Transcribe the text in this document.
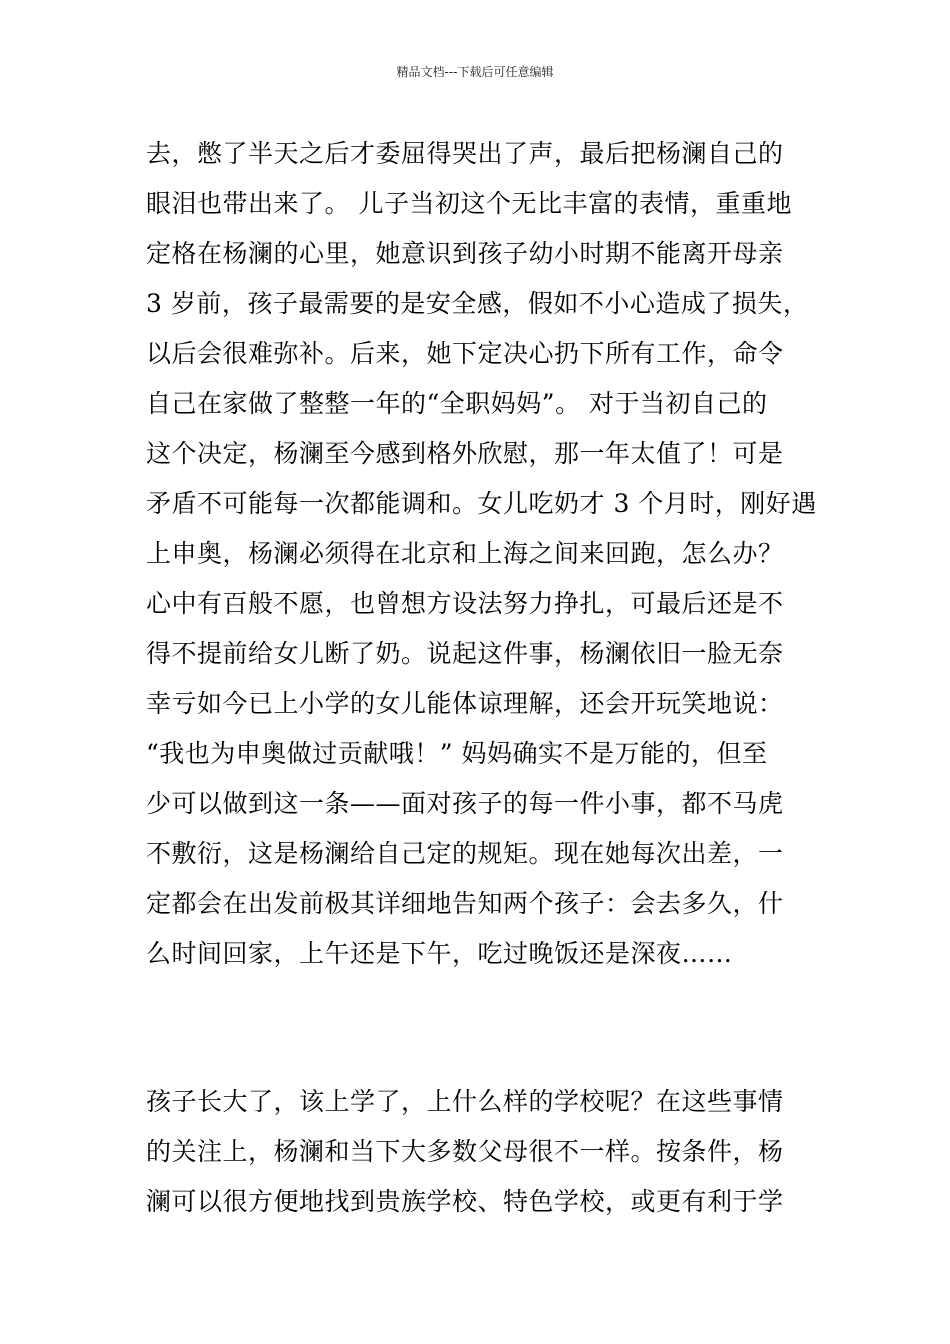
精品文档---下载后可任意编辑
去，憋了半天之后才委屈得哭出了声，最后把杨澜自己的
眼泪也带出来了。 儿子当初这个无比丰富的表情，重重地
定格在杨澜的心里，她意识到孩子幼小时期不能离开母亲
3 岁前，孩子最需要的是安全感，假如不小心造成了损失，
以后会很难弥补。后来，她下定决心扔下所有工作，命令
自己在家做了整整一年的“全职妈妈”。 对于当初自己的
这个决定，杨澜至今感到格外欣慰，那一年太值了！可是
矛盾不可能每一次都能调和。女儿吃奶才 3 个月时，刚好遇
上申奥，杨澜必须得在北京和上海之间来回跑，怎么办？
心中有百般不愿，也曾想方设法努力挣扎，可最后还是不
得不提前给女儿断了奶。说起这件事，杨澜依旧一脸无奈
幸亏如今已上小学的女儿能体谅理解，还会开玩笑地说：
“我也为申奥做过贡献哦！” 妈妈确实不是万能的，但至
少可以做到这一条——面对孩子的每一件小事，都不马虎
不敷衍，这是杨澜给自己定的规矩。现在她每次出差，一
定都会在出发前极其详细地告知两个孩子：会去多久，什
么时间回家，上午还是下午，吃过晚饭还是深夜……
孩子长大了，该上学了，上什么样的学校呢？在这些事情
的关注上，杨澜和当下大多数父母很不一样。按条件，杨
澜可以很方便地找到贵族学校、特色学校，或更有利于学
